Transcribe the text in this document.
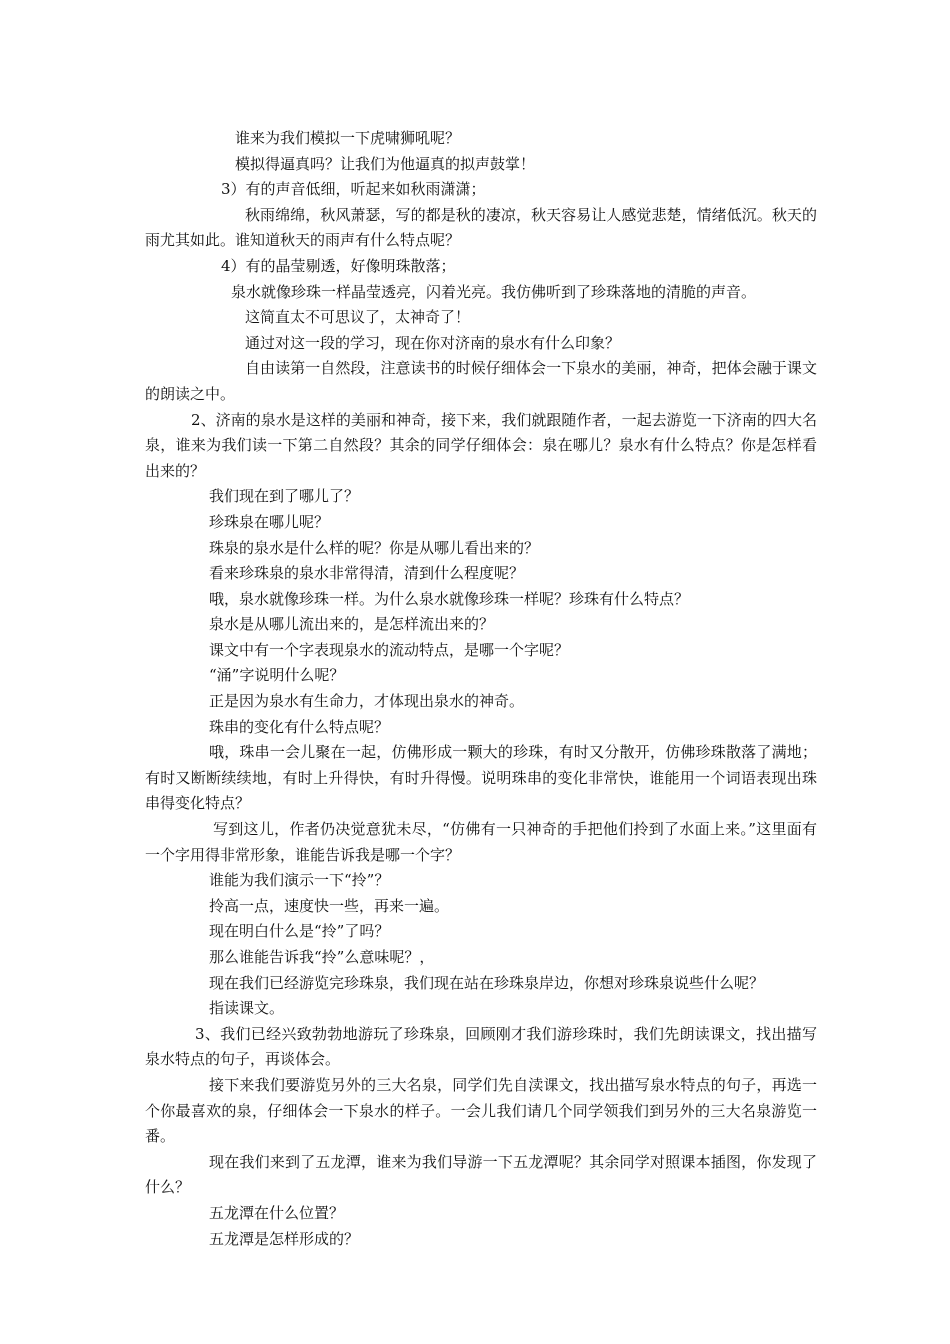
谁来为我们模拟一下虎啸狮吼呢？

模拟得逼真吗？让我们为他逼真的拟声鼓掌！

3）有的声音低细，听起来如秋雨潇潇；

秋雨绵绵，秋风萧瑟，写的都是秋的凄凉，秋天容易让人感觉悲楚，情绪低沉。秋天的雨尤其如此。谁知道秋天的雨声有什么特点呢？

4）有的晶莹剔透，好像明珠散落；

泉水就像珍珠一样晶莹透亮，闪着光亮。我仿佛听到了珍珠落地的清脆的声音。

这简直太不可思议了，太神奇了！

通过对这一段的学习，现在你对济南的泉水有什么印象？

自由读第一自然段，注意读书的时候仔细体会一下泉水的美丽，神奇，把体会融于课文的朗读之中。

2、济南的泉水是这样的美丽和神奇，接下来，我们就跟随作者，一起去游览一下济南的四大名泉，谁来为我们读一下第二自然段？其余的同学仔细体会：泉在哪儿？泉水有什么特点？你是怎样看出来的？

我们现在到了哪儿了？

珍珠泉在哪儿呢？

珠泉的泉水是什么样的呢？你是从哪儿看出来的？

看来珍珠泉的泉水非常得清，清到什么程度呢？

哦，泉水就像珍珠一样。为什么泉水就像珍珠一样呢？珍珠有什么特点？

泉水是从哪儿流出来的，是怎样流出来的？

课文中有一个字表现泉水的流动特点，是哪一个字呢？

“涌”字说明什么呢？

正是因为泉水有生命力，才体现出泉水的神奇。

珠串的变化有什么特点呢？

哦，珠串一会儿聚在一起，仿佛形成一颗大的珍珠，有时又分散开，仿佛珍珠散落了满地；有时又断断续续地，有时上升得快，有时升得慢。说明珠串的变化非常快，谁能用一个词语表现出珠串得变化特点？

写到这儿，作者仍决觉意犹未尽，“仿佛有一只神奇的手把他们拎到了水面上来。”这里面有一个字用得非常形象，谁能告诉我是哪一个字？

谁能为我们演示一下“拎”？

拎高一点，速度快一些，再来一遍。

现在明白什么是“拎”了吗？

那么谁能告诉我“拎”么意味呢？，

现在我们已经游览完珍珠泉，我们现在站在珍珠泉岸边，你想对珍珠泉说些什么呢？

指读课文。

3、我们已经兴致勃勃地游玩了珍珠泉，回顾刚才我们游珍珠时，我们先朗读课文，找出描写泉水特点的句子，再谈体会。

接下来我们要游览另外的三大名泉，同学们先自渎课文，找出描写泉水特点的句子，再选一个你最喜欢的泉，仔细体会一下泉水的样子。一会儿我们请几个同学领我们到另外的三大名泉游览一番。

现在我们来到了五龙潭，谁来为我们导游一下五龙潭呢？其余同学对照课本插图，你发现了什么？

五龙潭在什么位置？

五龙潭是怎样形成的？
